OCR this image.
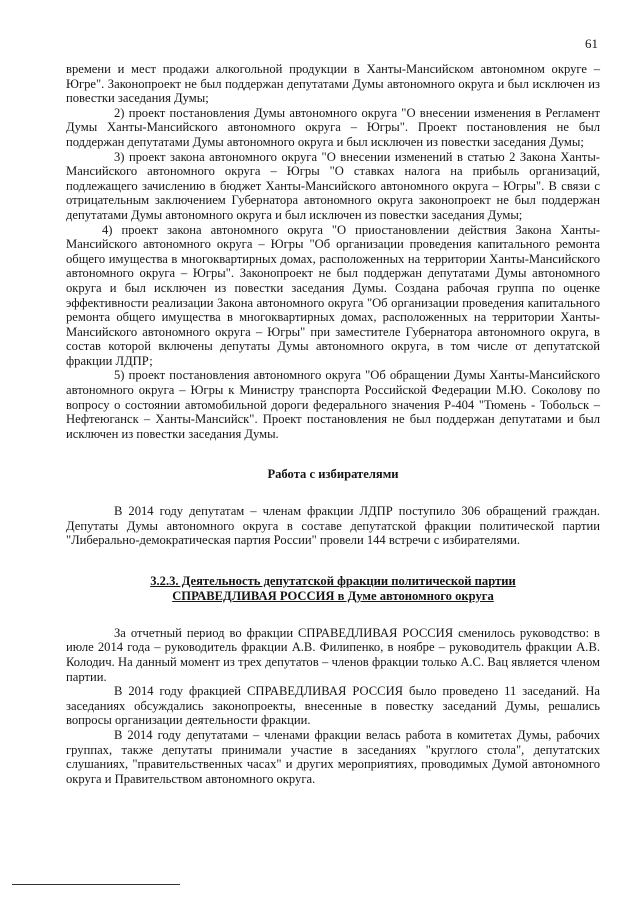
61

времени и мест продажи алкогольной продукции в Ханты-Мансийском автономном округе – Югре". Законопроект не был поддержан депутатами Думы автономного округа и был исключен из повестки заседания Думы;

2) проект постановления Думы автономного округа "О внесении изменения в Регламент Думы Ханты-Мансийского автономного округа – Югры". Проект постановления не был поддержан депутатами Думы автономного округа и был исключен из повестки заседания Думы;

3) проект закона автономного округа "О внесении изменений в статью 2 Закона Ханты-Мансийского автономного округа – Югры "О ставках налога на прибыль организаций, подлежащего зачислению в бюджет Ханты-Мансийского автономного округа – Югры". В связи с отрицательным заключением Губернатора автономного округа законопроект не был поддержан депутатами Думы автономного округа и был исключен из повестки заседания Думы;

4) проект закона автономного округа "О приостановлении действия Закона Ханты-Мансийского автономного округа – Югры "Об организации проведения капитального ремонта общего имущества в многоквартирных домах, расположенных на территории Ханты-Мансийского автономного округа – Югры". Законопроект не был поддержан депутатами Думы автономного округа и был исключен из повестки заседания Думы. Создана рабочая группа по оценке эффективности реализации Закона автономного округа "Об организации проведения капитального ремонта общего имущества в многоквартирных домах, расположенных на территории Ханты-Мансийского автономного округа – Югры" при заместителе Губернатора автономного округа, в состав которой включены депутаты Думы автономного округа, в том числе от депутатской фракции ЛДПР;

5) проект постановления автономного округа "Об обращении Думы Ханты-Мансийского автономного округа – Югры к Министру транспорта Российской Федерации М.Ю. Соколову по вопросу о состоянии автомобильной дороги федерального значения Р-404 "Тюмень - Тобольск – Нефтеюганск – Ханты-Мансийск". Проект постановления не был поддержан депутатами и был исключен из повестки заседания Думы.

Работа с избирателями

В 2014 году депутатам – членам фракции ЛДПР поступило 306 обращений граждан. Депутаты Думы автономного округа в составе депутатской фракции политической партии "Либерально-демократическая партия России" провели 144 встречи с избирателями.

3.2.3. Деятельность депутатской фракции политической партии
СПРАВЕДЛИВАЯ РОССИЯ в Думе автономного округа

За отчетный период во фракции СПРАВЕДЛИВАЯ РОССИЯ сменилось руководство: в июле 2014 года – руководитель фракции А.В. Филипенко, в ноябре – руководитель фракции А.В. Колодич. На данный момент из трех депутатов – членов фракции только А.С. Вац является членом партии.

В 2014 году фракцией СПРАВЕДЛИВАЯ РОССИЯ было проведено 11 заседаний. На заседаниях обсуждались законопроекты, внесенные в повестку заседаний Думы, решались вопросы организации деятельности фракции.

В 2014 году депутатами – членами фракции велась работа в комитетах Думы, рабочих группах, также депутаты принимали участие в заседаниях "круглого стола", депутатских слушаниях, "правительственных часах" и других мероприятиях, проводимых Думой автономного округа и Правительством автономного округа.
